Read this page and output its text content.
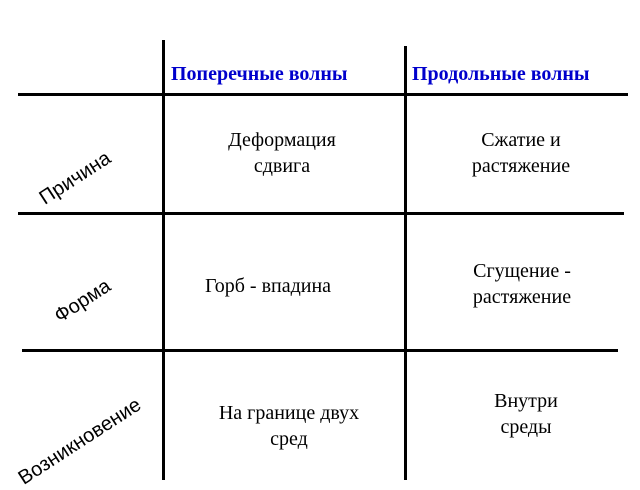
Поперечные волны	Продольные волны
Причина
Форма
Возникновение
Деформация
сдвига
Сжатие и
растяжение
Горб - впадина
Сгущение -
растяжение
На границе двух
сред
Внутри
среды
